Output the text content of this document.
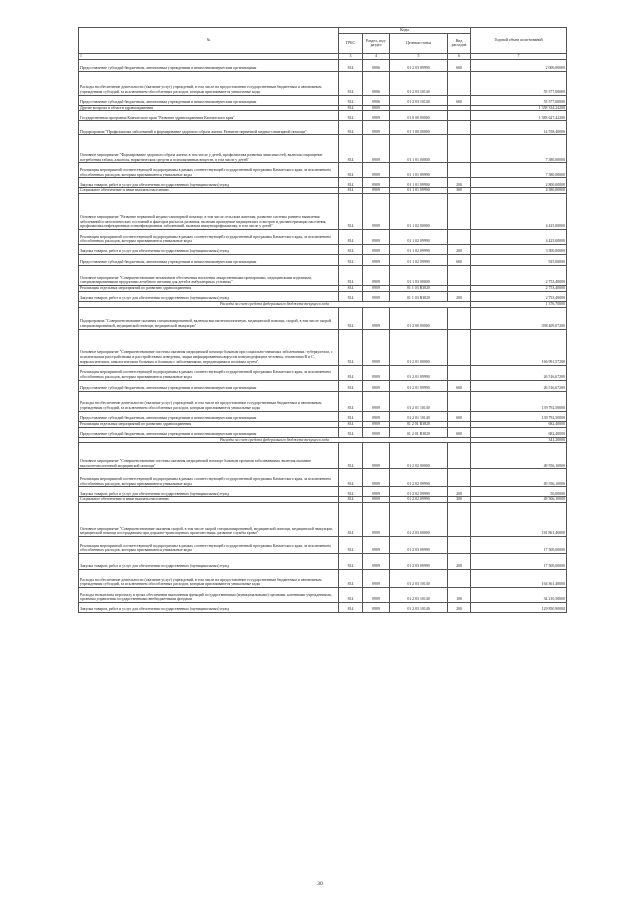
№	Коды				Годовой объем ассигнований
	ГРБС	Раздел, под-раздел	Целевая статья	Вид расходов	
1	3	4	5	6	7
Предоставление субсидий бюджетным, автономным учреждениям и иным некоммерческим организациям	814	0906	01 2 03 09990	600	2 000,00000
Расходы на обеспечение деятельности (оказание услуг) учреждений, в том числе на предоставление государственным бюджетным и автономным учреждениям субсидий, за исключением обособленных расходов, которым присваиваются уникальные коды	814	0906	01 2 03 10140		55 577,00000
Предоставление субсидий бюджетным, автономным учреждениям и иным некоммерческим организациям	814	0906	01 2 03 10140	600	55 577,00000
Другие вопросы в области здравоохранения	814	0909			1 358 334,24200
Государственная программа Камчатского края "Развитие здравоохранения Камчатского края"	814	0909	01 0 00 00000		1 383 627,42200
Подпрограмма "Профилактика заболеваний и формирование здорового образа жизни. Развитие первичной медико-санитарной помощи"	814	0909	01 1 00 00000		14 558,40000
Основное мероприятие "Формирование здорового образа жизни, в том числе у детей, профилактика развития зависимостей, включая сокращение потребления табака, алкоголя, наркотических средств и психоактивных веществ, в том числе у детей"	814	0909	01 1 01 00000		7 380,00000
Реализация мероприятий соответствующей подпрограммы в рамках соответствующей государственной программы Камчатского края, за исключением обособленных расходов, которым присваиваются уникальные коды	814	0909	01 1 01 09990		7 380,00000
Закупка товаров, работ и услуг для обеспечения государственных (муниципальных) нужд	814	0909	01 1 01 09990	200	2 800,00000
Социальное обеспечение и иные выплаты населению	814	0909	01 1 01 09990	300	4 580,00000
Основное мероприятие "Развитие первичной медико-санитарной помощи, в том числе сельским жителям, развитие системы раннего выявления заболеваний и патологических состояний и факторов риска их развития, включая проведение медицинских осмотров и диспансеризации населения, профилактика инфекционных и неинфекционных заболеваний, включая иммунопрофилактику, в том числе у детей"	814	0909	01 1 02 00000		4 425,00000
Реализация мероприятий соответствующей подпрограммы в рамках соответствующей государственной программы Камчатского края, за исключением обособленных расходов, которым присваиваются уникальные коды	814	0909	01 1 02 09990		4 425,00000
Закупка товаров, работ и услуг для обеспечения государственных (муниципальных) нужд	814	0909	01 1 02 09990	200	3 500,00000
Предоставление субсидий бюджетным, автономным учреждениям и иным некоммерческим организациям	814	0909	01 1 02 09990	600	925,00000
Основное мероприятие "Совершенствование механизмов обеспечения населения лекарственными препаратами, медицинскими изделиями, специализированными продуктами лечебного питания для детей в амбулаторных условиях"	814	0909	01 1 03 00000		2 753,40000
Реализация отдельных мероприятий по развитию здравоохранения	814	0909	01 1 03 R3820		2 753,40000
Закупка товаров, работ и услуг для обеспечения государственных (муниципальных) нужд	814	0909	01 1 03 R3820	200	2 753,40000
Расходы за счет средств федерального бюджета текущего года					1 376,70000
Подпрограмма "Совершенствование оказания специализированной, включая высокотехнологичную, медицинской помощи, скорой, в том числе скорой специализированной, медицинской помощи, медицинской эвакуации"	814	0909	01 2 00 00000		398 409,07200
Основное мероприятие "Совершенствование системы оказания медицинской помощи больным при социально-значимых заболеваниях: туберкулезом, с психическими расстройствами и расстройствами поведения, лицам инфицированным вирусом иммунодефицита человека, гепатитами В и С, наркологическим, онкологическим больным и больным с заболеваниями, передающимися половым путем"	814	0909	01 2 01 00000		166 991,57200
Реализация мероприятий соответствующей подпрограммы в рамках соответствующей государственной программы Камчатского края, за исключением обособленных расходов, которым присваиваются уникальные коды	814	0909	01 2 01 09990		26 516,67200
Предоставление субсидий бюджетным, автономным учреждениям и иным некоммерческим организациям	814	0909	01 2 01 09990	600	26 516,67200
Расходы на обеспечение деятельности (оказание услуг) учреждений, в том числе на предоставление государственным бюджетным и автономным учреждениям субсидий, за исключением обособленных расходов, которым присваиваются уникальные коды	814	0909	01 2 01 10140		139 792,50000
Предоставление субсидий бюджетным, автономным учреждениям и иным некоммерческим организациям	814	0909	01 2 01 10140	600	139 792,50000
Реализация отдельных мероприятий по развитию здравоохранения	814	0909	01 2 01 R3820		682,40000
Предоставление субсидий бюджетным, автономным учреждениям и иным некоммерческим организациям	814	0909	01 2 01 R3820	600	682,40000
Расходы за счет средств федерального бюджета текущего года					341,20000
Основное мероприятие "Совершенствование системы оказания медицинской помощи больным прочими заболеваниями, включая оказание высокотехнологичной медицинской помощи"	814	0909	01 2 02 00000		49 556,10000
Реализация мероприятий соответствующей подпрограммы в рамках соответствующей государственной программы Камчатского края, за исключением обособленных расходов, которым присваиваются уникальные коды	814	0909	01 2 02 09990		49 556,10000
Закупка товаров, работ и услуг для обеспечения государственных (муниципальных) нужд	814	0909	01 2 02 09990	200	50,00000
Социальное обеспечение и иные выплаты населению	814	0909	01 2 02 09990	300	49 506,10000
Основное мероприятие "Совершенствование оказания скорой, в том числе скорой специализированной, медицинской помощи, медицинской эвакуации, медицинской помощи пострадавшим при дорожно-транспортных происшествиях, развитие службы крови"	814	0909	01 2 03 00000		181 861,40000
Реализация мероприятий соответствующей подпрограммы в рамках соответствующей государственной программы Камчатского края, за исключением обособленных расходов, которым присваиваются уникальные коды	814	0909	01 2 03 09990		17 500,00000
Закупка товаров, работ и услуг для обеспечения государственных (муниципальных) нужд	814	0909	01 2 03 09990	200	17 500,00000
Расходы на обеспечение деятельности (оказание услуг) учреждений, в том числе на предоставление государственным бюджетным и автономным учреждениям субсидий, за исключением обособленных расходов, которым присваиваются уникальные коды	814	0909	01 2 03 10140		164 361,40000
Расходы на выплаты персоналу в целях обеспечения выполнения функций государственными (муниципальными) органами, казенными учреждениями, органами управления государственными внебюджетными фондами	814	0909	01 2 03 10140	100	34 210,50000
Закупка товаров, работ и услуг для обеспечения государственных (муниципальных) нужд	814	0909	01 2 03 10140	200	129 850,90000
30
